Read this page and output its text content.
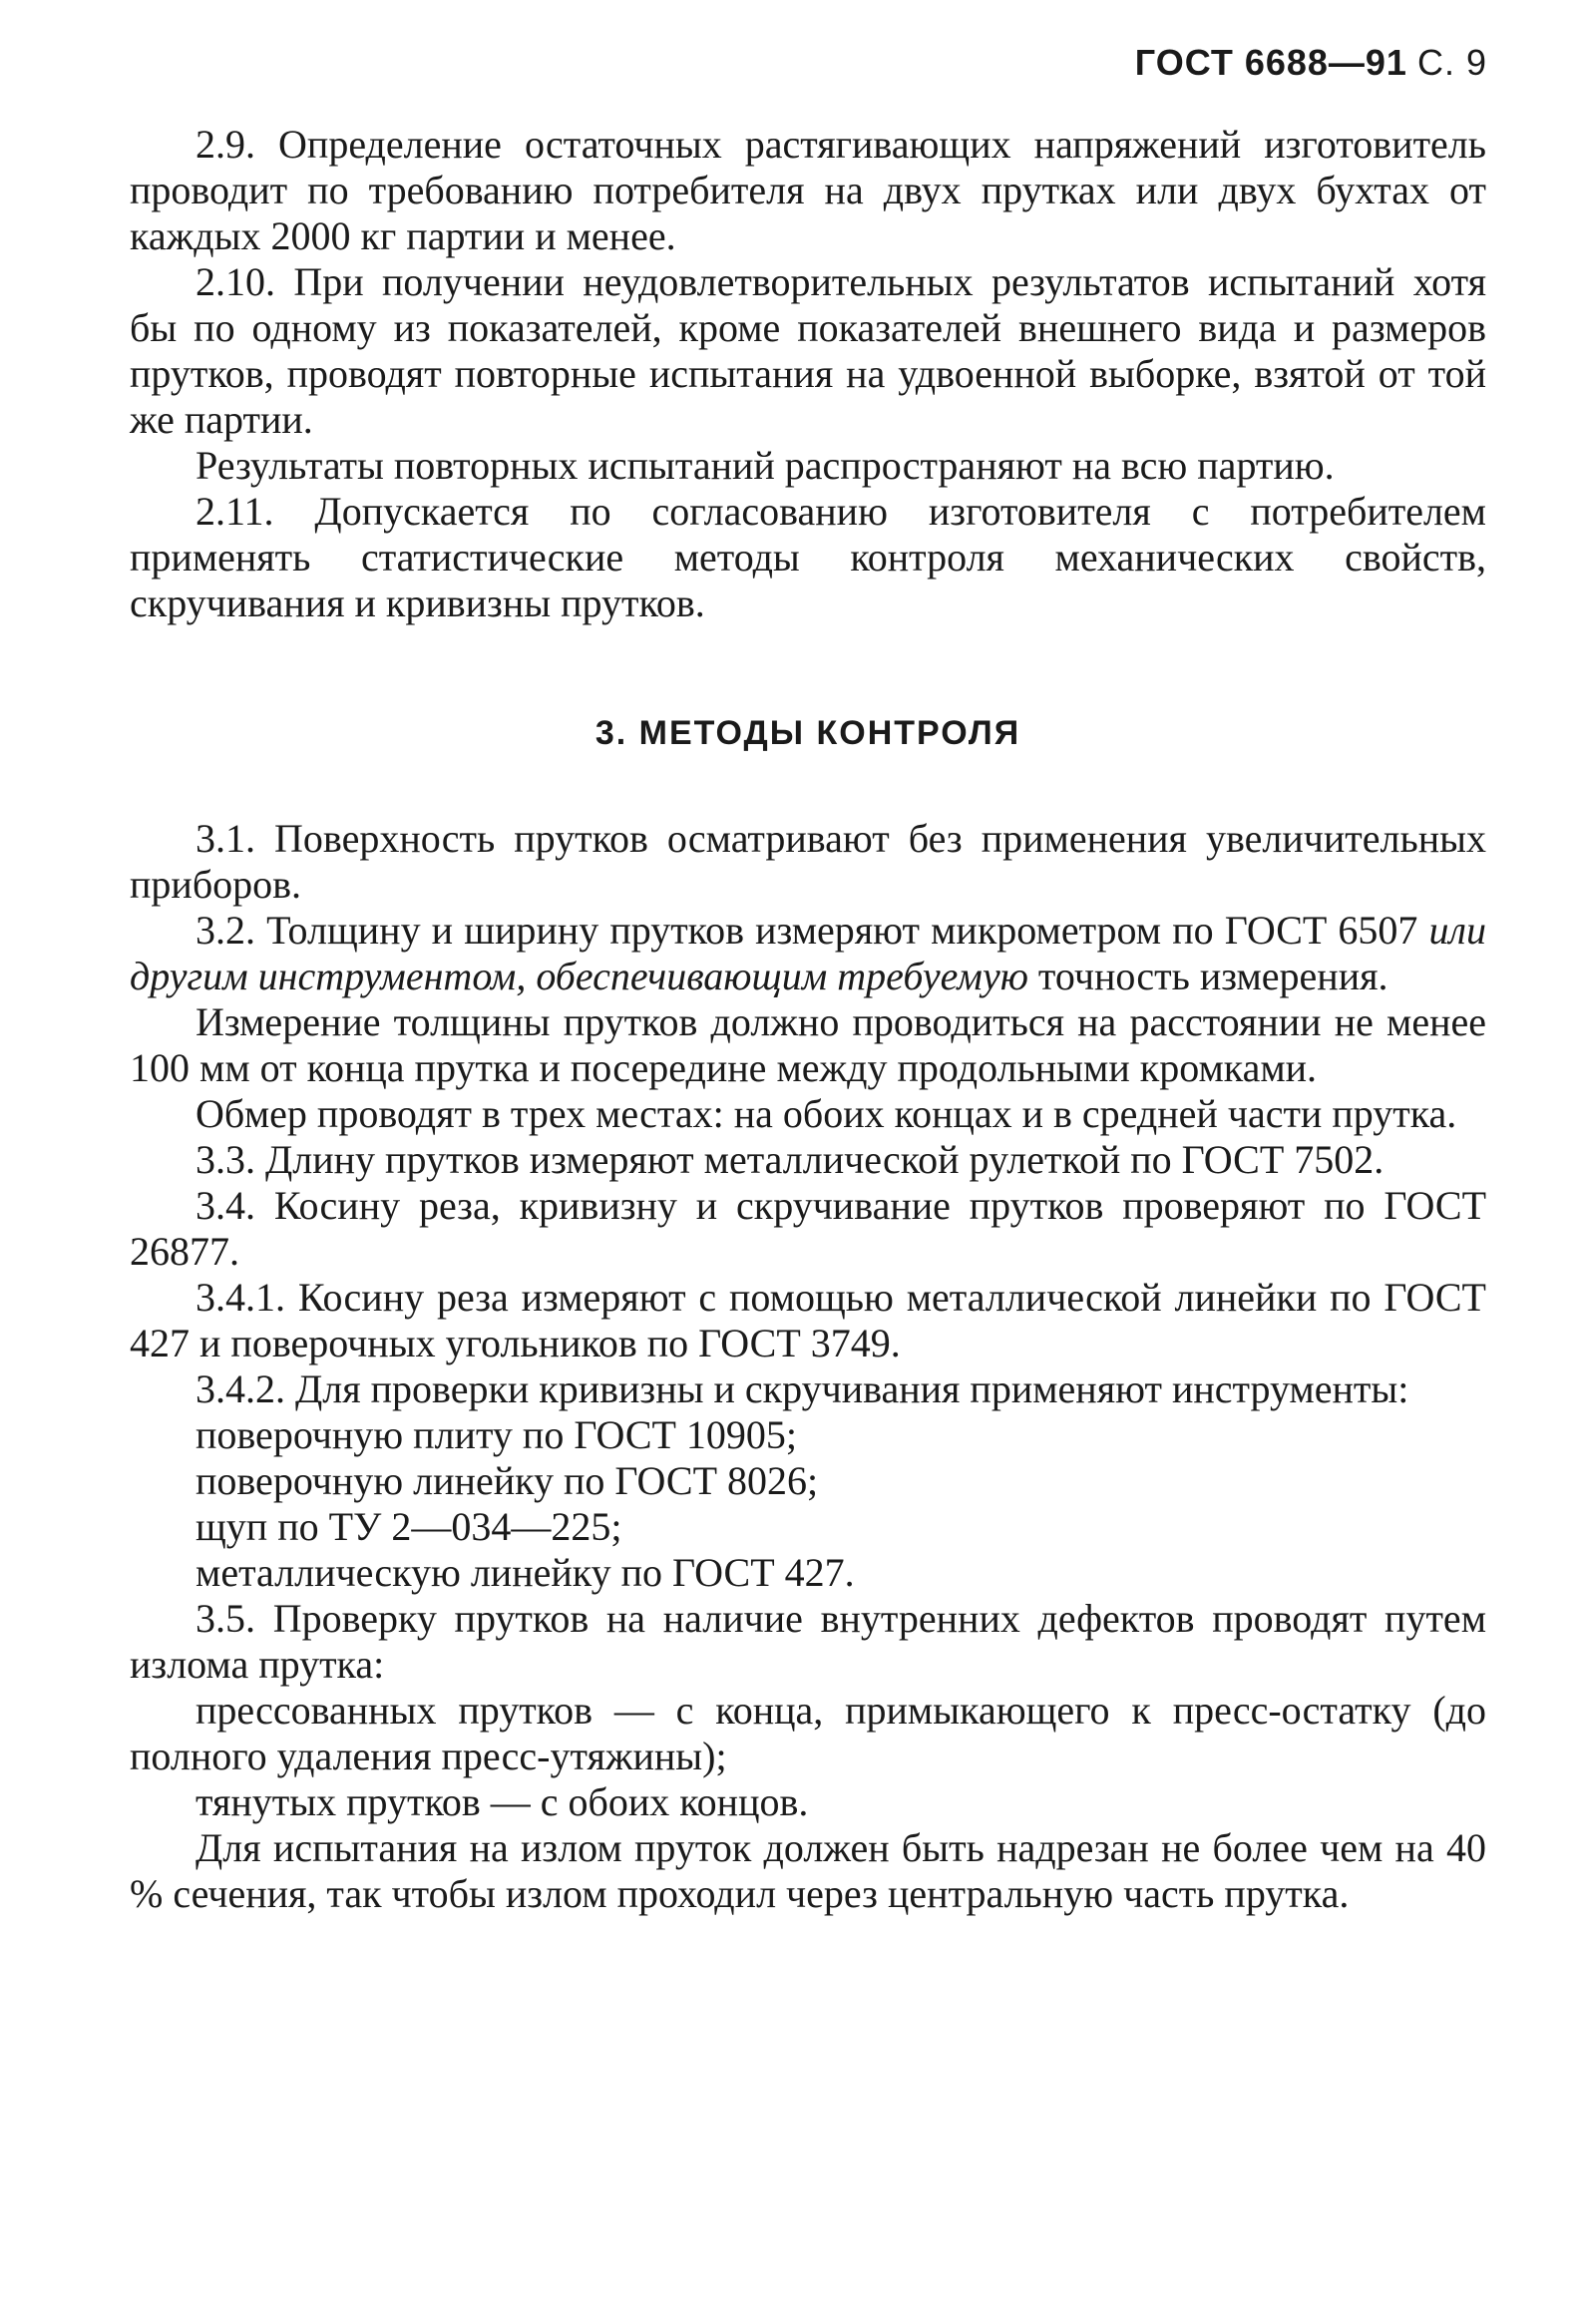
ГОСТ 6688—91 С. 9

2.9. Определение остаточных растягивающих напряжений изготовитель проводит по требованию потребителя на двух прутках или двух бухтах от каждых 2000 кг партии и менее.

2.10. При получении неудовлетворительных результатов испытаний хотя бы по одному из показателей, кроме показателей внешнего вида и размеров прутков, проводят повторные испытания на удвоенной выборке, взятой от той же партии.

Результаты повторных испытаний распространяют на всю партию.

2.11. Допускается по согласованию изготовителя с потребителем применять статистические методы контроля механических свойств, скручивания и кривизны прутков.

3. МЕТОДЫ КОНТРОЛЯ

3.1. Поверхность прутков осматривают без применения увеличительных приборов.

3.2. Толщину и ширину прутков измеряют микрометром по ГОСТ 6507 или другим инструментом, обеспечивающим требуемую точность измерения.

Измерение толщины прутков должно проводиться на расстоянии не менее 100 мм от конца прутка и посередине между продольными кромками.

Обмер проводят в трех местах: на обоих концах и в средней части прутка.

3.3. Длину прутков измеряют металлической рулеткой по ГОСТ 7502.

3.4. Косину реза, кривизну и скручивание прутков проверяют по ГОСТ 26877.

3.4.1. Косину реза измеряют с помощью металлической линейки по ГОСТ 427 и поверочных угольников по ГОСТ 3749.

3.4.2. Для проверки кривизны и скручивания применяют инструменты:

поверочную плиту по ГОСТ 10905;

поверочную линейку по ГОСТ 8026;

щуп по ТУ 2—034—225;

металлическую линейку по ГОСТ 427.

3.5. Проверку прутков на наличие внутренних дефектов проводят путем излома прутка:

прессованных прутков — с конца, примыкающего к пресс-остатку (до полного удаления пресс-утяжины);

тянутых прутков — с обоих концов.

Для испытания на излом пруток должен быть надрезан не более чем на 40 % сечения, так чтобы излом проходил через центральную часть прутка.
